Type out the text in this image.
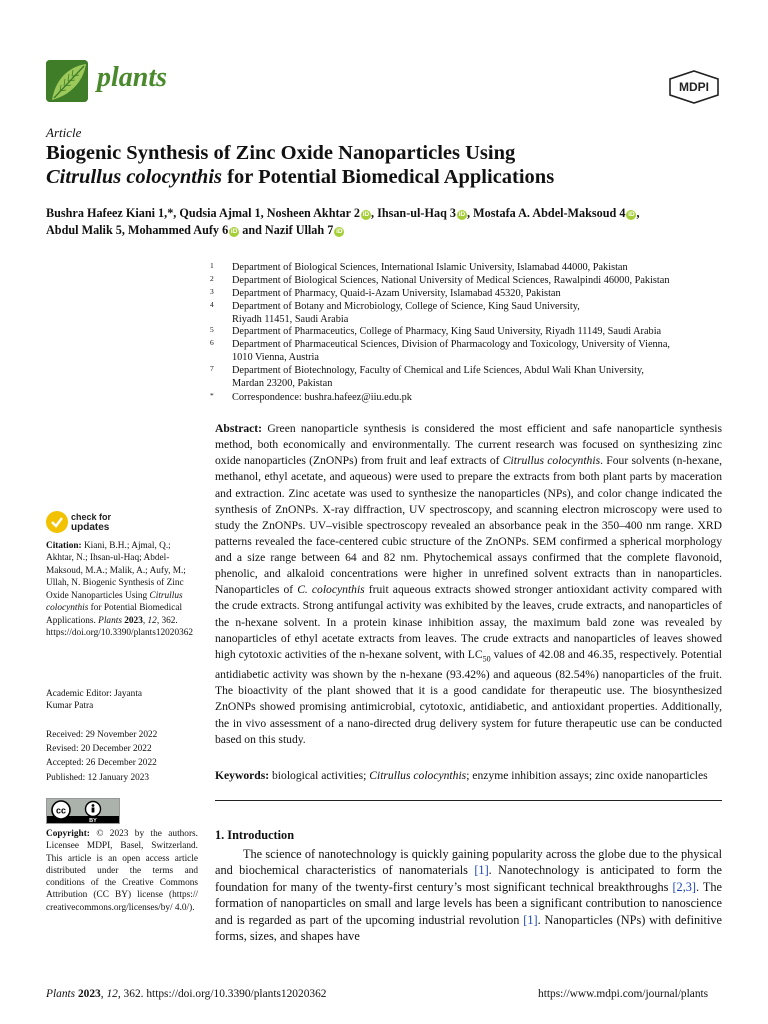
plants	MDPI
Article
Biogenic Synthesis of Zinc Oxide Nanoparticles Using
Citrullus colocynthis for Potential Biomedical Applications
Bushra Hafeez Kiani 1,*, Qudsia Ajmal 1, Nosheen Akhtar 2 iD , Ihsan-ul-Haq 3 iD , Mostafa A. Abdel-Maksoud 4 iD ,
Abdul Malik 5, Mohammed Aufy 6 iD and Nazif Ullah 7 iD
1 Department of Biological Sciences, International Islamic University, Islamabad 44000, Pakistan
2 Department of Biological Sciences, National University of Medical Sciences, Rawalpindi 46000, Pakistan
3 Department of Pharmacy, Quaid-i-Azam University, Islamabad 45320, Pakistan
4 Department of Botany and Microbiology, College of Science, King Saud University,
Riyadh 11451, Saudi Arabia
5 Department of Pharmaceutics, College of Pharmacy, King Saud University, Riyadh 11149, Saudi Arabia
6 Department of Pharmaceutical Sciences, Division of Pharmacology and Toxicology, University of Vienna,
1010 Vienna, Austria
7 Department of Biotechnology, Faculty of Chemical and Life Sciences, Abdul Wali Khan University,
Mardan 23200, Pakistan
* Correspondence: bushra.hafeez@iiu.edu.pk
Abstract: Green nanoparticle synthesis is considered the most efficient and safe nanoparticle synthesis method, both economically and environmentally. The current research was focused on synthesizing zinc oxide nanoparticles (ZnONPs) from fruit and leaf extracts of Citrullus colocynthis. Four solvents (n-hexane, methanol, ethyl acetate, and aqueous) were used to prepare the extracts from both plant parts by maceration and extraction. Zinc acetate was used to synthesize the nanoparticles (NPs), and color change indicated the synthesis of ZnONPs. X-ray diffraction, UV spectroscopy, and scanning electron microscopy were used to study the ZnONPs. UV–visible spectroscopy revealed an absorbance peak in the 350–400 nm range. XRD patterns revealed the face-centered cubic structure of the ZnONPs. SEM confirmed a spherical morphology and a size range between 64 and 82 nm. Phytochemical assays confirmed that the complete flavonoid, phenolic, and alkaloid concentrations were higher in unrefined solvent extracts than in nanoparticles. Nanoparticles of C. colocynthis fruit aqueous extracts showed stronger antioxidant activity compared with the crude extracts. Strong antifungal activity was exhibited by the leaves, crude extracts, and nanoparticles of the n-hexane solvent. In a protein kinase inhibition assay, the maximum bald zone was revealed by nanoparticles of ethyl acetate extracts from leaves. The crude extracts and nanoparticles of leaves showed high cytotoxic activities of the n-hexane solvent, with $LC_{50}$ values of 42.08 and 46.35, respectively. Potential antidiabetic activity was shown by the n-hexane (93.42%) and aqueous (82.54%) nanoparticles of the fruit. The bioactivity of the plant showed that it is a good candidate for therapeutic use. The biosynthesized ZnONPs showed promising antimicrobial, cytotoxic, antidiabetic, and antioxidant properties. Additionally, the in vivo assessment of a nano-directed drug delivery system for future therapeutic use can be conducted based on this study.
Keywords: biological activities; Citrullus colocynthis; enzyme inhibition assays; zinc oxide nanoparticles
1. Introduction
The science of nanotechnology is quickly gaining popularity across the globe due to the physical and biochemical characteristics of nanomaterials [1]. Nanotechnology is anticipated to form the foundation for many of the twenty-first century’s most significant technical breakthroughs [2,3]. The formation of nanoparticles on small and large levels has been a significant contribution to nanoscience and is regarded as part of the upcoming industrial revolution [1]. Nanoparticles (NPs) with definitive forms, sizes, and shapes have
check for
updates
Citation: Kiani, B.H.; Ajmal, Q.; Akhtar, N.; Ihsan-ul-Haq; Abdel-Maksoud, M.A.; Malik, A.; Aufy, M.; Ullah, N. Biogenic Synthesis of Zinc Oxide Nanoparticles Using Citrullus colocynthis for Potential Biomedical Applications. Plants 2023, 12, 362. https://doi.org/10.3390/plants12020362
Academic Editor: Jayanta
Kumar Patra
Received: 29 November 2022
Revised: 20 December 2022
Accepted: 26 December 2022
Published: 12 January 2023
cc
BY
Copyright: © 2023 by the authors. Licensee MDPI, Basel, Switzerland. This article is an open access article distributed under the terms and conditions of the Creative Commons Attribution (CC BY) license (https:// creativecommons.org/licenses/by/ 4.0/).
Plants 2023, 12, 362. https://doi.org/10.3390/plants12020362	https://www.mdpi.com/journal/plants
